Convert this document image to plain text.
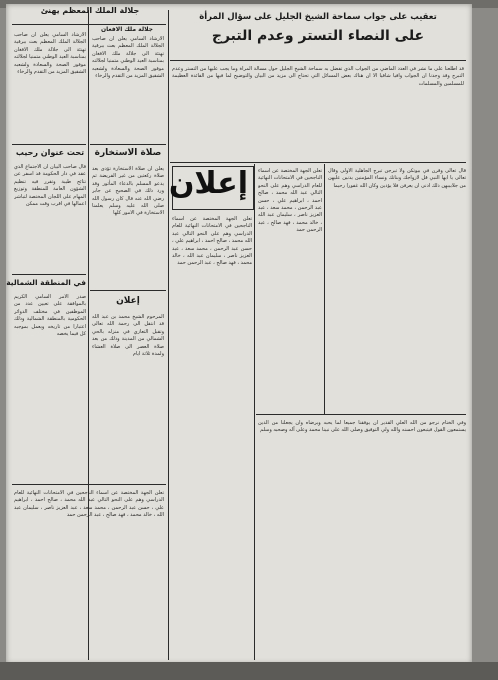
جلالة الملك المعظم يهنئ
جلالة ملك الافغان
تعقيب على جواب سماحة الشيخ الجليل على سؤال المرأة
على النصاء التستر وعدم التبرج
الارشاد السامي يعلن ان صاحب الجلالة الملك المعظم بعث ببرقية تهنئة الى جلالة ملك الافغان بمناسبة العيد الوطني متمنيا لجلالته موفور الصحة والسعادة ولشعبه الشقيق المزيد من التقدم والرخاء
تحت عنوان رحيب
قال صاحب البيان ان الاجتماع الذي عقد في دار الحكومة قد اسفر عن نتائج طيبة وتقرر فيه تنظيم الشؤون العامة للمنطقة وتوزيع المهام على اللجان المختصة لتباشر اعمالها في اقرب وقت ممكن
في المنطقة الشمالية
صدر الامر السامي الكريم بالموافقة على تعيين عدد من الموظفين في مختلف الدوائر الحكومية بالمنطقة الشمالية وذلك اعتبارا من تاريخه ويعمل بموجبه كل فيما يخصه
الارشاد السامي يعلن ان صاحب الجلالة الملك المعظم بعث ببرقية تهنئة الى جلالة ملك الافغان بمناسبة العيد الوطني متمنيا لجلالته موفور الصحة والسعادة ولشعبه الشقيق المزيد من التقدم والرخاء
صلاة الاستخارة
يعلن ان صلاة الاستخارة تؤدى بعد صلاة ركعتين من غير الفريضة ثم يدعو المسلم بالدعاء المأثور وقد ورد ذلك في الصحيح عن جابر رضي الله عنه قال كان رسول الله صلى الله عليه وسلم يعلمنا الاستخارة في الامور كلها
إعلان
المرحوم الشيخ محمد بن عبد الله قد انتقل الى رحمة الله تعالى وتقبل التعازي في منزله بالحي الشمالي من المدينة وذلك من بعد صلاة العصر الى صلاة العشاء ولمدة ثلاثة ايام
تعلن الجهة المختصة عن اسماء الناجحين في الامتحانات النهائية للعام الدراسي وهم على النحو التالي عبد الله محمد ، صالح احمد ، ابراهيم علي ، حسن عبد الرحمن ، محمد سعد ، عبد العزيز ناصر ، سليمان عبد الله ، خالد محمد ، فهد صالح ، عبد الرحمن حمد
إعلان
تعلن الجهة المختصة عن اسماء الناجحين في الامتحانات النهائية للعام الدراسي وهم على النحو التالي عبد الله محمد ، صالح احمد ، ابراهيم علي ، حسن عبد الرحمن ، محمد سعد ، عبد العزيز ناصر ، سليمان عبد الله ، خالد محمد ، فهد صالح ، عبد الرحمن حمد
تعلن الجهة المختصة عن اسماء الناجحين في الامتحانات النهائية للعام الدراسي وهم على النحو التالي عبد الله محمد ، صالح احمد ، ابراهيم علي ، حسن عبد الرحمن ، محمد سعد ، عبد العزيز ناصر ، سليمان عبد الله ، خالد محمد ، فهد صالح ، عبد الرحمن حمد
قد اطلعنا على ما نشر في العدد الماضي من الجواب الذي تفضل به سماحة الشيخ الجليل حول مسألة المرأة وما يجب عليها من التستر وعدم التبرج وقد وجدنا ان الجواب وافيا شافيا الا ان هناك بعض المسائل التي تحتاج الى مزيد من البيان والتوضيح لما فيها من الفائدة العظيمة للمسلمين والمسلمات
قال تعالى وقرن في بيوتكن ولا تبرجن تبرج الجاهلية الاولى وقال تعالى يا ايها النبي قل لازواجك وبناتك ونساء المؤمنين يدنين عليهن من جلابيبهن ذلك ادنى ان يعرفن فلا يؤذين وكان الله غفورا رحيما
وفي الختام نرجو من الله العلي القدير ان يوفقنا جميعا لما يحبه ويرضاه وان يجعلنا من الذين يستمعون القول فيتبعون احسنه والله ولي التوفيق وصلى الله على نبينا محمد وعلى آله وصحبه وسلم
